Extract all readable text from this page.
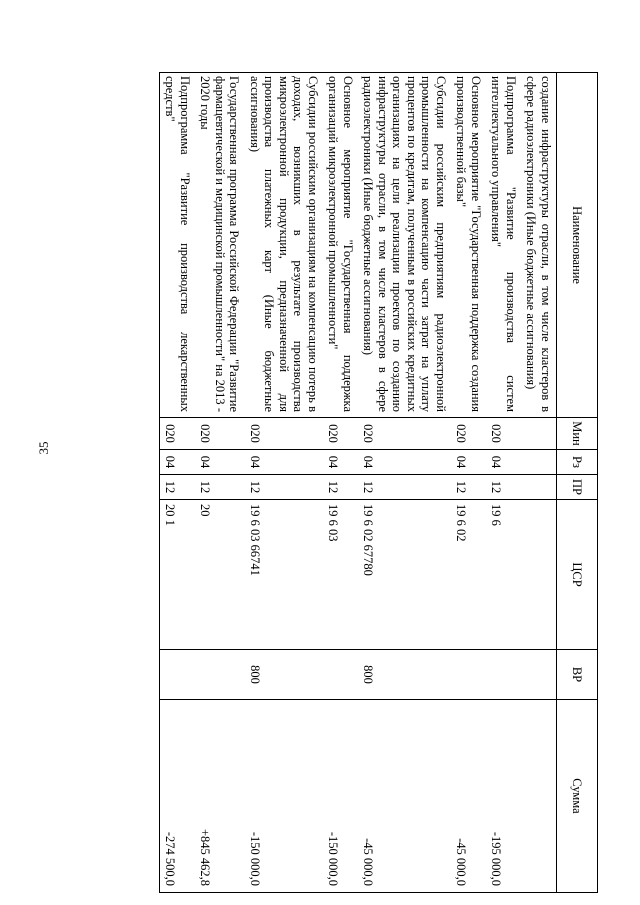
35
Наименование	Мин	Рз	ПР	ЦСР	ВР	Сумма
создание инфраструктуры отрасли, в том числе кластеров в сфере радиоэлектроники (Иные бюджетные ассигнования)						
Подпрограмма "Развитие производства систем интеллектуального управления"	020	04	12	19 6		-195 000,0
Основное мероприятие "Государственная поддержка создания производственной базы"	020	04	12	19 6 02		-45 000,0
Субсидии российским предприятиям радиоэлектронной промышленности на компенсацию части затрат на уплату процентов по кредитам, полученным в российских кредитных организациях на цели реализации проектов по созданию инфраструктуры отрасли, в том числе кластеров в сфере радиоэлектроники (Иные бюджетные ассигнования)	020	04	12	19 6 02 67780	800	-45 000,0
Основное мероприятие "Государственная поддержка организаций микроэлектронной промышленности"	020	04	12	19 6 03		-150 000,0
Субсидии российским организациям на компенсацию потерь в доходах, возникших в результате производства микроэлектронной продукции, предназначенной для производства платежных карт (Иные бюджетные ассигнования)	020	04	12	19 6 03 66741	800	-150 000,0
Государственная программа Российской Федерации "Развитие фармацевтической и медицинской промышленности" на 2013 - 2020 годы	020	04	12	20		+845 462,8
Подпрограмма "Развитие производства лекарственных средств"	020	04	12	20 1		-274 500,0
